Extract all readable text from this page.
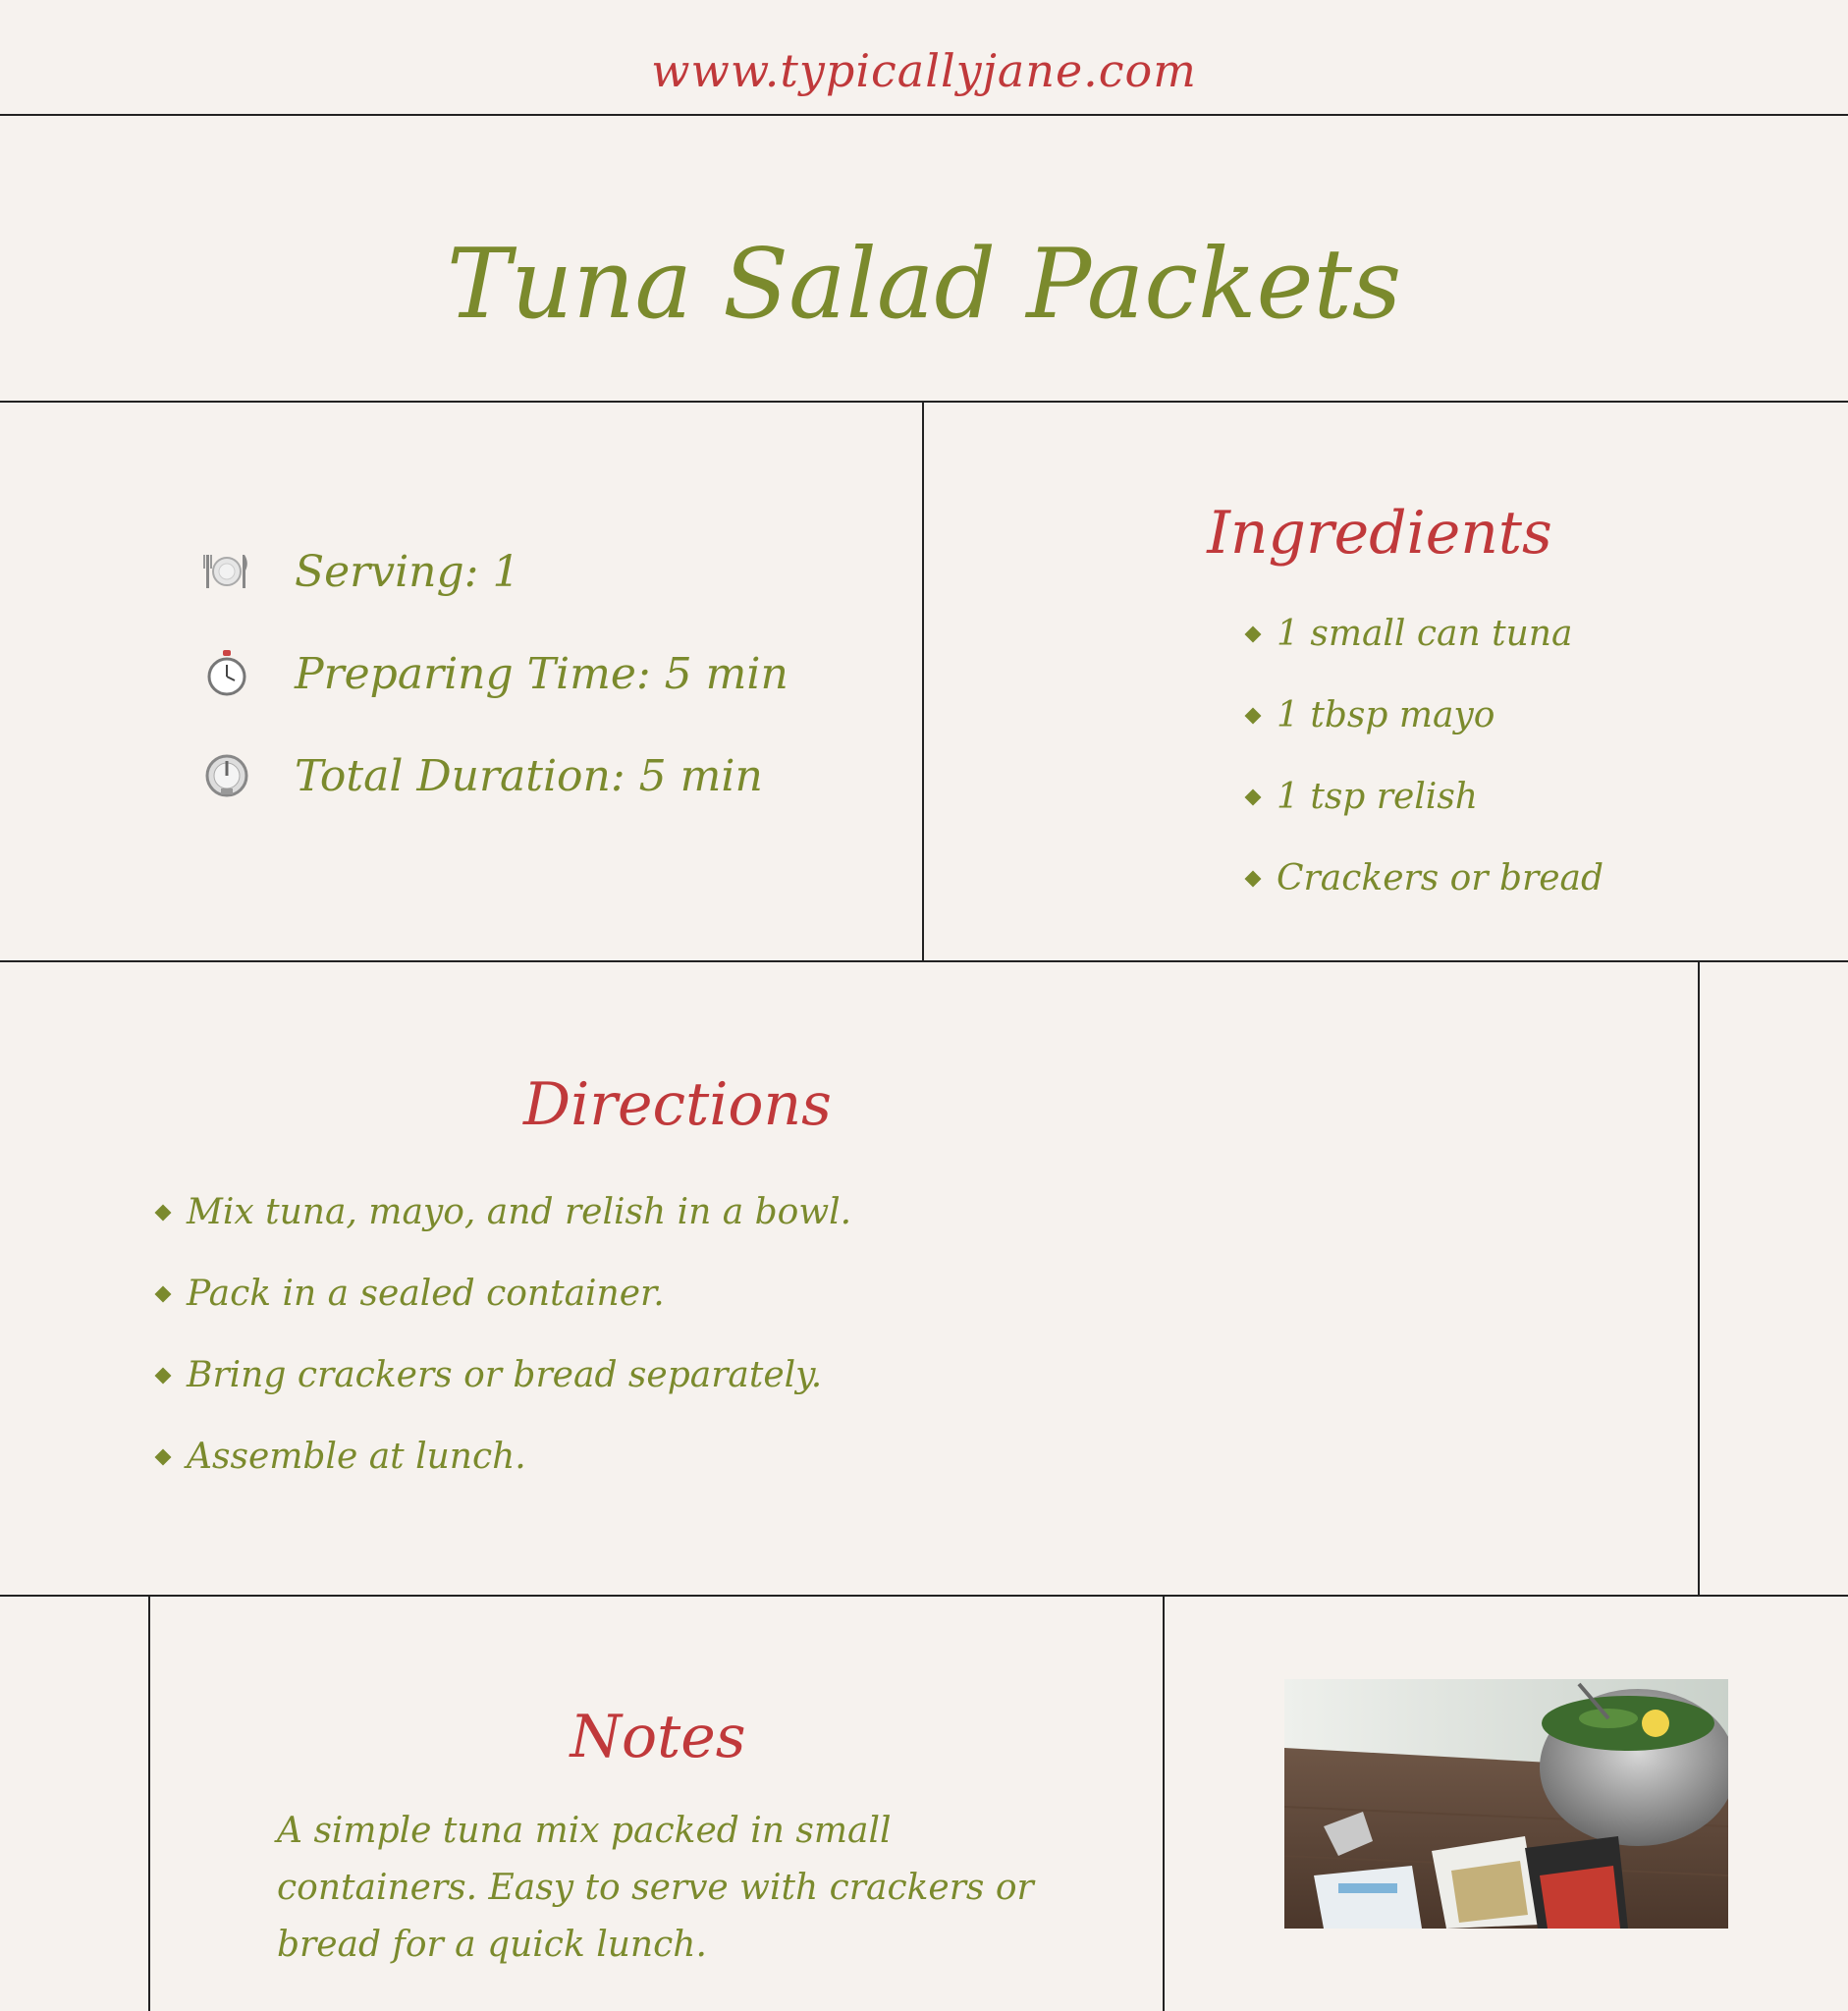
www.typicallyjane.com
Tuna Salad Packets
Serving: 1
Preparing Time: 5 min
Total Duration: 5 min
Ingredients
1 small can tuna
1 tbsp mayo
1 tsp relish
Crackers or bread
Directions
Mix tuna, mayo, and relish in a bowl.
Pack in a sealed container.
Bring crackers or bread separately.
Assemble at lunch.
Notes
A simple tuna mix packed in small containers. Easy to serve with crackers or bread for a quick lunch.
